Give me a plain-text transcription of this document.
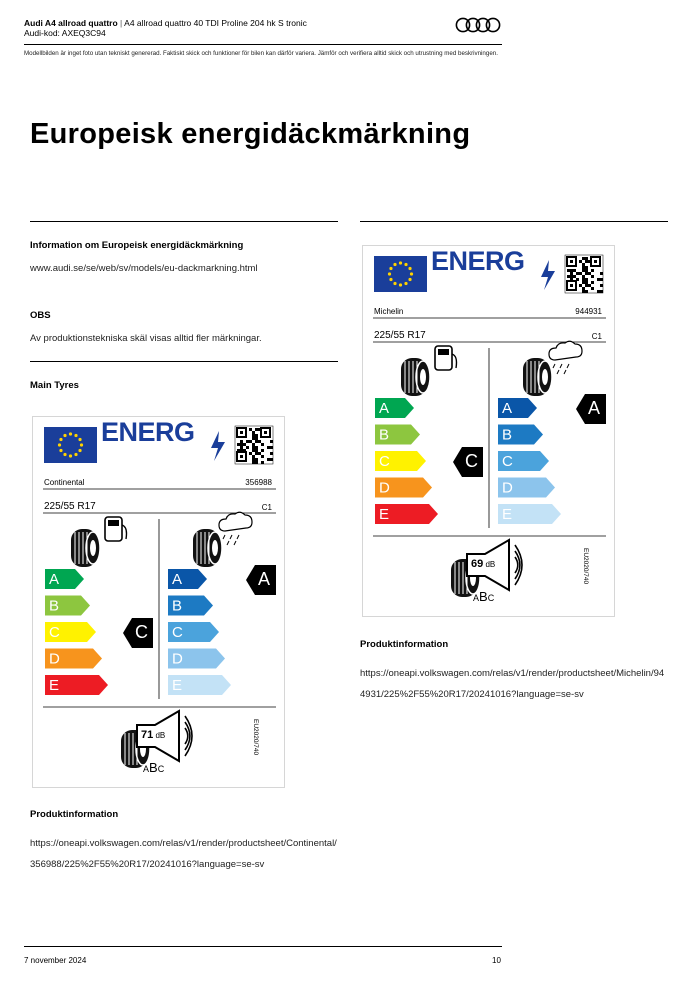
Audi A4 allroad quattro | A4 allroad quattro 40 TDI Proline 204 hk S tronic
Audi-kod: AXEQ3C94
Modellbilden är inget foto utan tekniskt genererad. Faktiskt skick och funktioner för bilen kan därför variera. Jämför och verifiera alltid skick och utrustning med beskrivningen.
Europeisk energidäckmärkning
Information om Europeisk energidäckmärkning
www.audi.se/se/web/sv/models/eu-dackmarkning.html
OBS
Av produktionstekniska skäl visas alltid fler märkningar.
Main Tyres
A
B
C	C
D
E
A	A
B
C
D
E
ENERG
Continental	356988
225/55 R17	C1
71 dB
ABC
EU2020/740
A
B
C	C
D
E
A	A
B
C
D
E
ENERG
Michelin	944931
225/55 R17	C1
69 dB
ABC
EU2020/740
Produktinformation
https://oneapi.volkswagen.com/relas/v1/render/productsheet/Continental/356988/225%2F55%20R17/20241016?language=se-sv
Produktinformation
https://oneapi.volkswagen.com/relas/v1/render/productsheet/Michelin/944931/225%2F55%20R17/20241016?language=se-sv
7 november 2024	10
